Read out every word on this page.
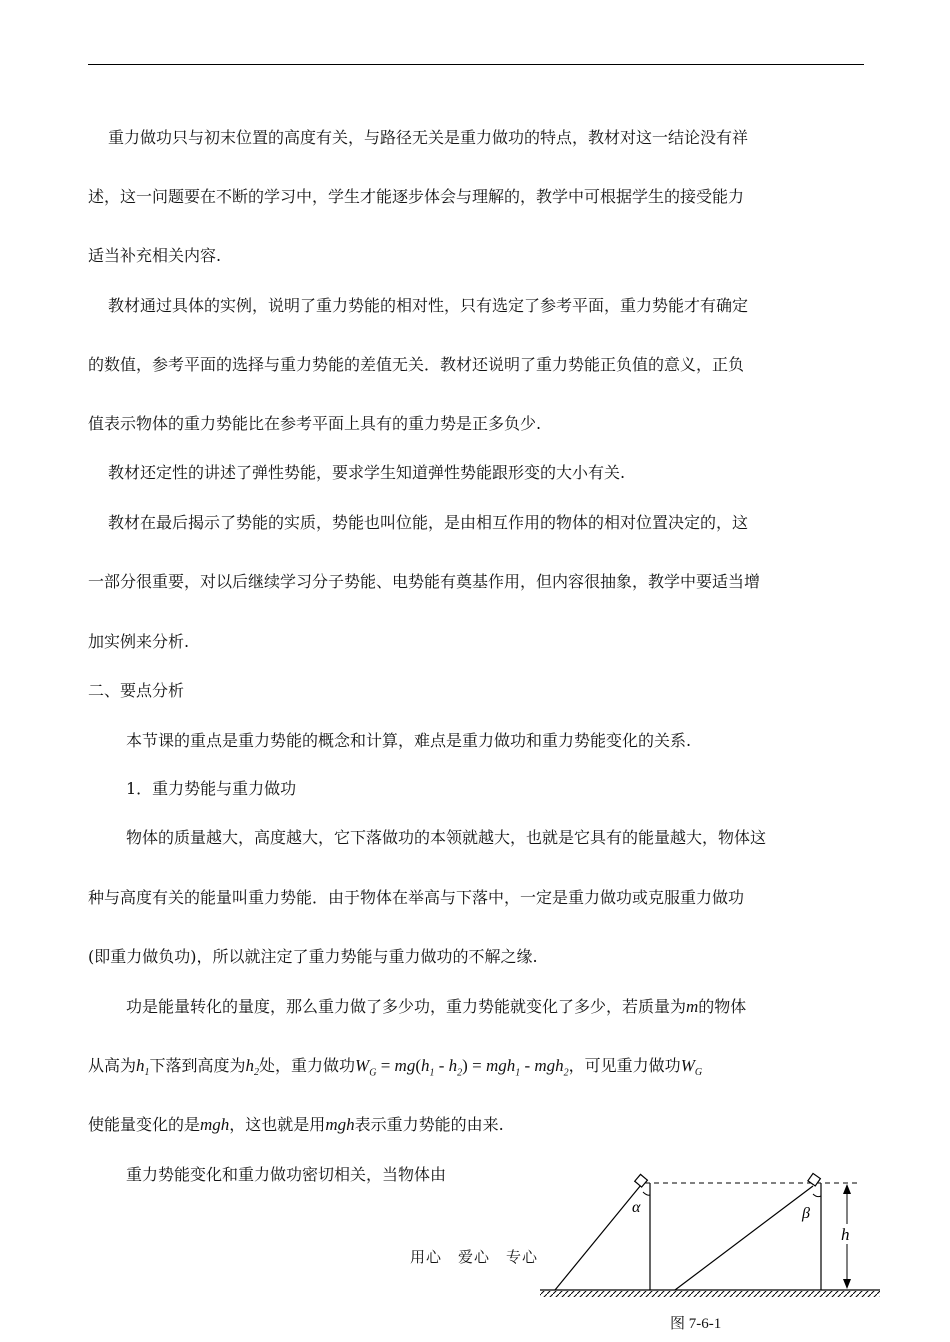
重力做功只与初末位置的高度有关，与路径无关是重力做功的特点，教材对这一结论没有祥
述，这一问题要在不断的学习中，学生才能逐步体会与理解的，教学中可根据学生的接受能力
适当补充相关内容.
教材通过具体的实例，说明了重力势能的相对性，只有选定了参考平面，重力势能才有确定
的数值，参考平面的选择与重力势能的差值无关．教材还说明了重力势能正负值的意义，正负
值表示物体的重力势能比在参考平面上具有的重力势是正多负少.
教材还定性的讲述了弹性势能，要求学生知道弹性势能跟形变的大小有关.
教材在最后揭示了势能的实质，势能也叫位能，是由相互作用的物体的相对位置决定的，这
一部分很重要，对以后继续学习分子势能、电势能有奠基作用，但内容很抽象，教学中要适当增
加实例来分析.
二、要点分析
本节课的重点是重力势能的概念和计算，难点是重力做功和重力势能变化的关系.
1．重力势能与重力做功
物体的质量越大，高度越大，它下落做功的本领就越大，也就是它具有的能量越大，物体这
种与高度有关的能量叫重力势能．由于物体在举高与下落中，一定是重力做功或克服重力做功
(即重力做负功)，所以就注定了重力势能与重力做功的不解之缘.
功是能量转化的量度，那么重力做了多少功，重力势能就变化了多少，若质量为m的物体
从高为$h_1$下落到高度为$h_2$处，重力做功$W_G = mg(h_1 - h_2) = mgh_1 - mgh_2$，可见重力做功$W_G$
使能量变化的是mgh，这也就是用mgh表示重力势能的由来.
重力势能变化和重力做功密切相关，当物体由
用心　爱心　专心
α	β
h
图 7-6-1
